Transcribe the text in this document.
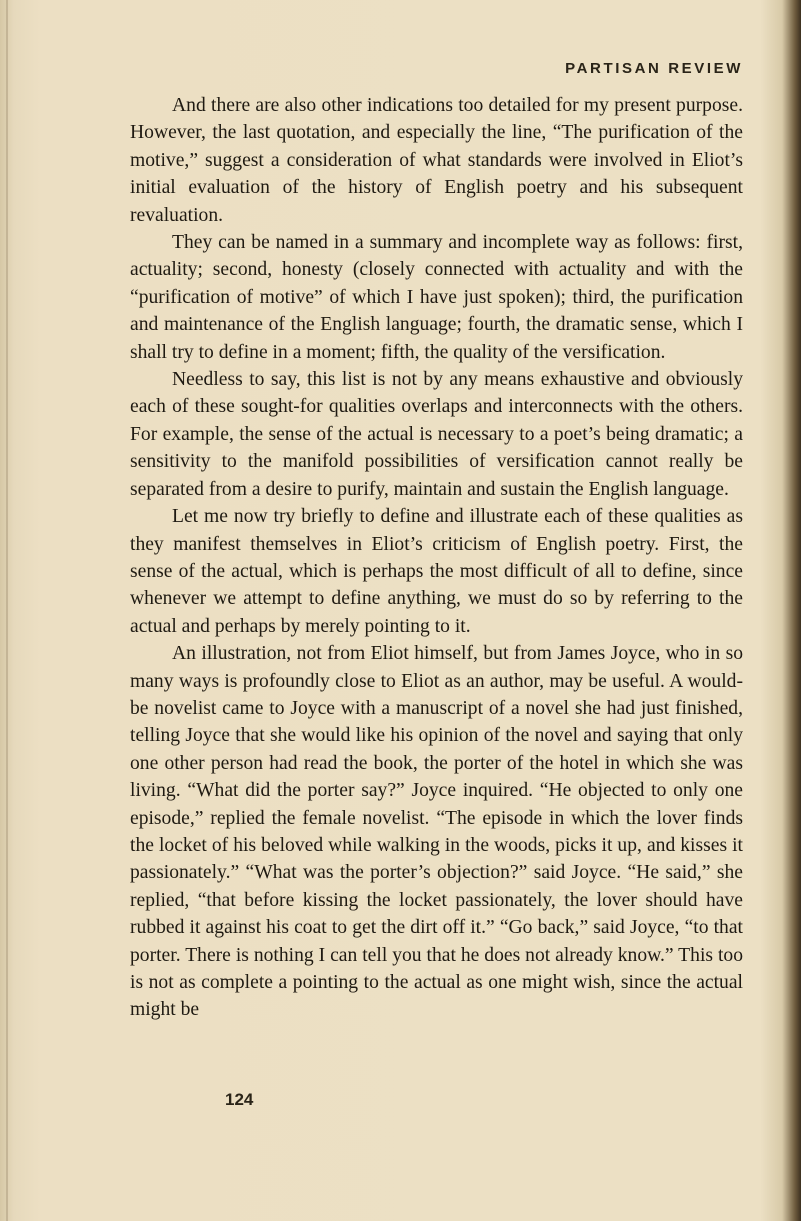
PARTISAN REVIEW

And there are also other indications too detailed for my present purpose. However, the last quotation, and especially the line, “The purification of the motive,” suggest a consideration of what standards were involved in Eliot’s initial evaluation of the history of English poetry and his subsequent revaluation.

They can be named in a summary and incomplete way as follows: first, actuality; second, honesty (closely connected with actuality and with the “purification of motive” of which I have just spoken); third, the purification and maintenance of the English language; fourth, the dramatic sense, which I shall try to define in a moment; fifth, the quality of the versification.

Needless to say, this list is not by any means exhaustive and obviously each of these sought-for qualities overlaps and interconnects with the others. For example, the sense of the actual is necessary to a poet’s being dramatic; a sensitivity to the manifold possibilities of versification cannot really be separated from a desire to purify, maintain and sustain the English language.

Let me now try briefly to define and illustrate each of these qualities as they manifest themselves in Eliot’s criticism of English poetry. First, the sense of the actual, which is perhaps the most difficult of all to define, since whenever we attempt to define anything, we must do so by referring to the actual and perhaps by merely pointing to it.

An illustration, not from Eliot himself, but from James Joyce, who in so many ways is profoundly close to Eliot as an author, may be useful. A would-be novelist came to Joyce with a manuscript of a novel she had just finished, telling Joyce that she would like his opinion of the novel and saying that only one other person had read the book, the porter of the hotel in which she was living. “What did the porter say?” Joyce inquired. “He objected to only one episode,” replied the female novelist. “The episode in which the lover finds the locket of his beloved while walking in the woods, picks it up, and kisses it passionately.” “What was the porter’s objection?” said Joyce. “He said,” she replied, “that before kissing the locket passionately, the lover should have rubbed it against his coat to get the dirt off it.” “Go back,” said Joyce, “to that porter. There is nothing I can tell you that he does not already know.” This too is not as complete a pointing to the actual as one might wish, since the actual might be

124
